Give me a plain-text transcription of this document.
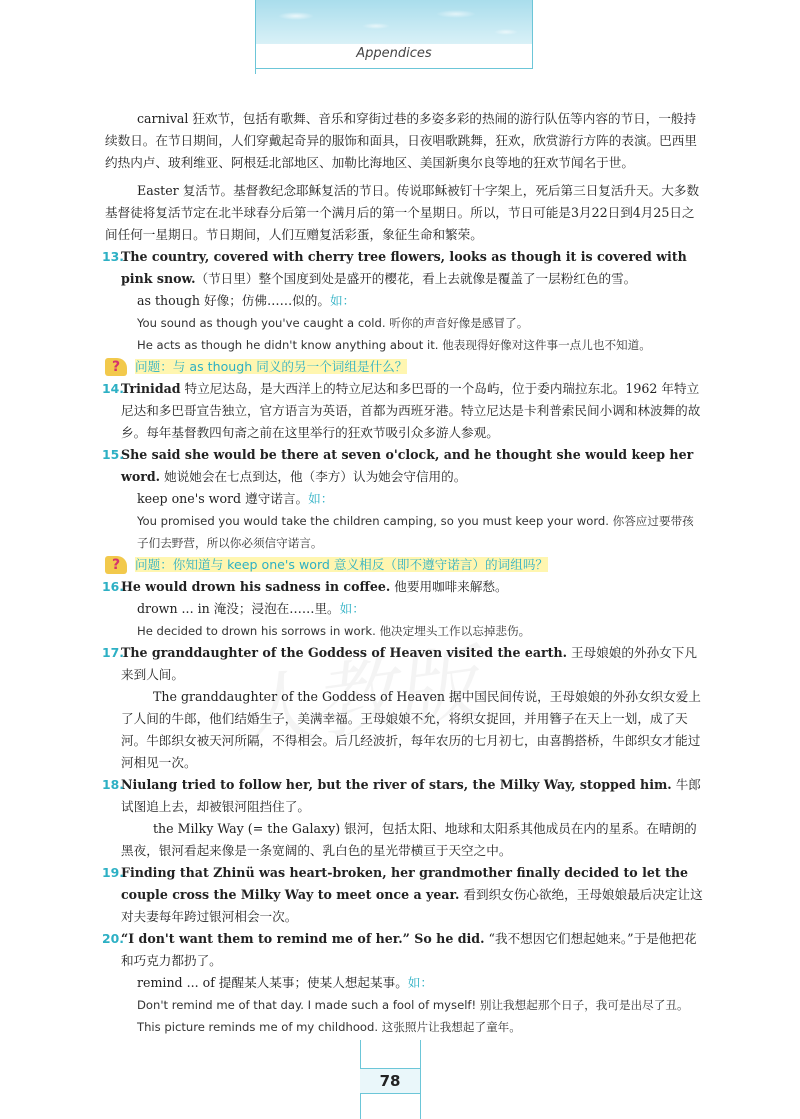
Appendices

carnival 狂欢节，包括有歌舞、音乐和穿街过巷的多姿多彩的热闹的游行队伍等内容的节日，一般持续数日。在节日期间，人们穿戴起奇异的服饰和面具，日夜唱歌跳舞，狂欢，欣赏游行方阵的表演。巴西里约热内卢、玻利维亚、阿根廷北部地区、加勒比海地区、美国新奥尔良等地的狂欢节闻名于世。

Easter 复活节。基督教纪念耶稣复活的节日。传说耶稣被钉十字架上，死后第三日复活升天。大多数基督徒将复活节定在北半球春分后第一个满月后的第一个星期日。所以，节日可能是3月22日到4月25日之间任何一星期日。节日期间，人们互赠复活彩蛋，象征生命和繁荣。

13.
The country, covered with cherry tree flowers, looks as though it is covered with pink snow.（节日里）整个国度到处是盛开的樱花，看上去就像是覆盖了一层粉红色的雪。

as though 好像；仿佛……似的。如：

You sound as though you've caught a cold. 听你的声音好像是感冒了。

He acts as though he didn't know anything about it. 他表现得好像对这件事一点儿也不知道。

?	问题：与 as though 同义的另一个词组是什么？
14.
Trinidad 特立尼达岛，是大西洋上的特立尼达和多巴哥的一个岛屿，位于委内瑞拉东北。1962 年特立尼达和多巴哥宣告独立，官方语言为英语，首都为西班牙港。特立尼达是卡利普索民间小调和林波舞的故乡。每年基督教四旬斋之前在这里举行的狂欢节吸引众多游人参观。
15.
She said she would be there at seven o'clock, and he thought she would keep her word. 她说她会在七点到达，他（李方）认为她会守信用的。

keep one's word 遵守诺言。如：

You promised you would take the children camping, so you must keep your word. 你答应过要带孩子们去野营，所以你必须信守诺言。

?	问题：你知道与 keep one's word 意义相反（即不遵守诺言）的词组吗？
16.
He would drown his sadness in coffee. 他要用咖啡来解愁。

drown ... in 淹没；浸泡在……里。如：

He decided to drown his sorrows in work. 他决定埋头工作以忘掉悲伤。

17.
The granddaughter of the Goddess of Heaven visited the earth. 王母娘娘的外孙女下凡来到人间。

The granddaughter of the Goddess of Heaven 据中国民间传说，王母娘娘的外孙女织女爱上了人间的牛郎，他们结婚生子，美满幸福。王母娘娘不允，将织女捉回，并用簪子在天上一划，成了天河。牛郎织女被天河所隔，不得相会。后几经波折，每年农历的七月初七，由喜鹊搭桥，牛郎织女才能过河相见一次。

18.
Niulang tried to follow her, but the river of stars, the Milky Way, stopped him. 牛郎试图追上去，却被银河阻挡住了。

the Milky Way (= the Galaxy) 银河，包括太阳、地球和太阳系其他成员在内的星系。在晴朗的黑夜，银河看起来像是一条宽阔的、乳白色的星光带横亘于天空之中。

19.
Finding that Zhinü was heart-broken, her grandmother finally decided to let the couple cross the Milky Way to meet once a year. 看到织女伤心欲绝，王母娘娘最后决定让这对夫妻每年跨过银河相会一次。
20.
“I don't want them to remind me of her.” So he did. “我不想因它们想起她来。”于是他把花和巧克力都扔了。

remind ... of 提醒某人某事；使某人想起某事。如：

Don't remind me of that day. I made such a fool of myself! 别让我想起那个日子，我可是出尽了丑。

This picture reminds me of my childhood. 这张照片让我想起了童年。

78
